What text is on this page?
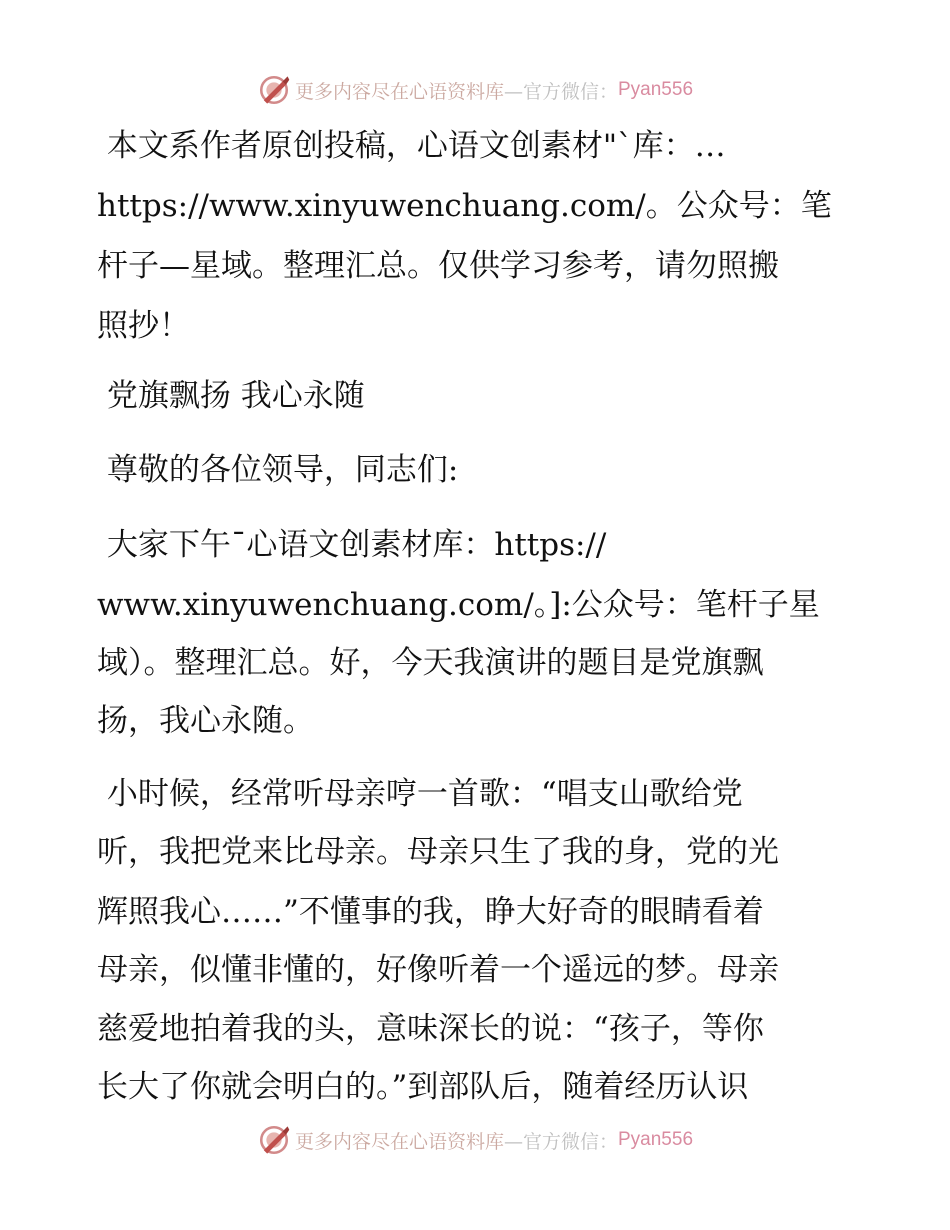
更多内容尽在心语资料库 —官方微信： Pyan556
本文系作者原创投稿，心语文创素材"`库：…
https://www.xinyuwenchuang.com/。公众号：笔
杆子—星域。整理汇总。仅供学习参考，请勿照搬
照抄！
党旗飘扬 我心永随
尊敬的各位领导，同志们:
大家下午¯心语文创素材库：https://
www.xinyuwenchuang.com/。]:公众号：笔杆子星
域）。整理汇总。好，今天我演讲的题目是党旗飘
扬，我心永随。
小时候，经常听母亲哼一首歌：“唱支山歌给党
听，我把党来比母亲。母亲只生了我的身，党的光
辉照我心……”不懂事的我，睁大好奇的眼睛看着
母亲，似懂非懂的，好像听着一个遥远的梦。母亲
慈爱地拍着我的头，意味深长的说：“孩子，等你
长大了你就会明白的。”到部队后，随着经历认识
更多内容尽在心语资料库 —官方微信： Pyan556
